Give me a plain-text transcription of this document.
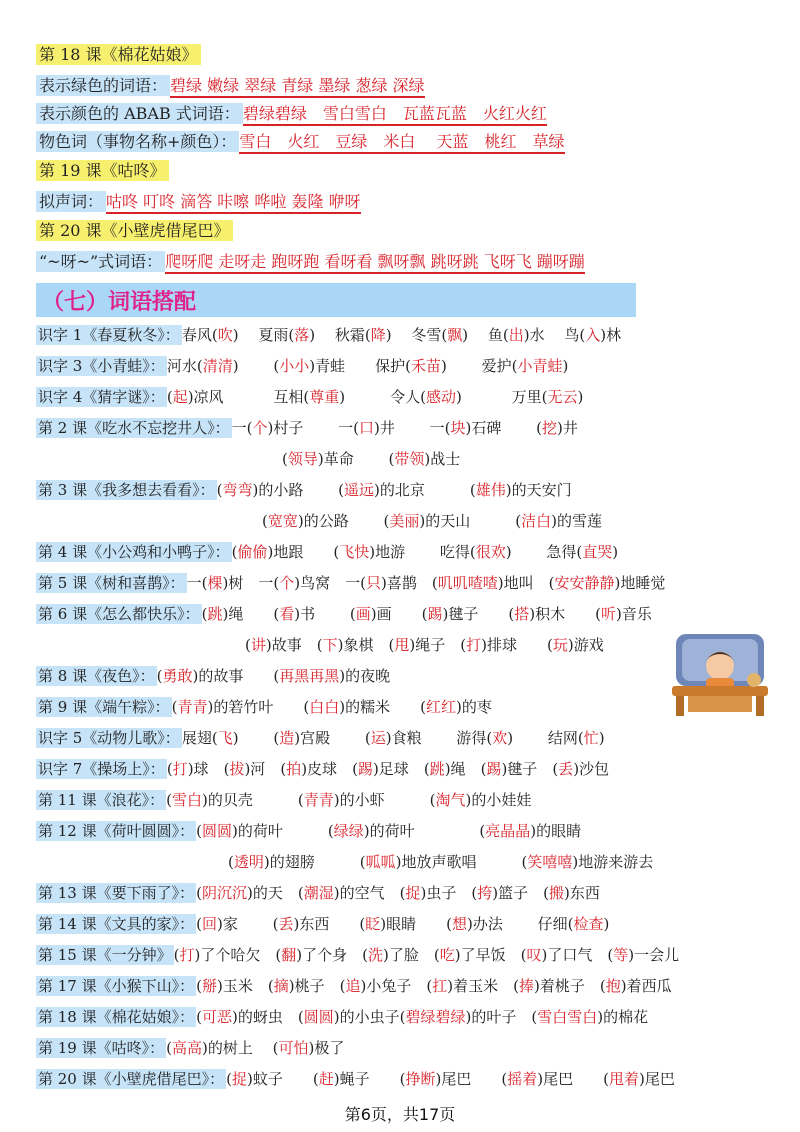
第 18 课《棉花姑娘》
表示绿色的词语： 碧绿 嫩绿 翠绿 青绿 墨绿 葱绿 深绿
表示颜色的 ABAB 式词语： 碧绿碧绿　雪白雪白　瓦蓝瓦蓝　火红火红
物色词（事物名称+颜色）： 雪白　火红　豆绿　米白　 天蓝　桃红　草绿
第 19 课《咕咚》
拟声词： 咕咚 叮咚 滴答 咔嚓 哗啦 轰隆 咿呀
第 20 课《小壁虎借尾巴》
“~呀~”式词语： 爬呀爬 走呀走 跑呀跑 看呀看 飘呀飘 跳呀跳 飞呀飞 蹦呀蹦
（七）词语搭配
识字 1《春夏秋冬》： 春风(吹)　 夏雨(落)　 秋霜(降)　 冬雪(飘)　 鱼(出)水　 鸟(入)林
识字 3《小青蛙》： 河水(清清)　　 (小小)青蛙　　保护(禾苗)　　 爱护(小青蛙)
识字 4《猜字谜》： (起)凉风　　　 互相(尊重)　　　令人(感动)　　　 万里(无云)
第 2 课《吃水不忘挖井人》： 一(个)村子　　 一(口)井　　 一(块)石碑　　 (挖)井
(领导)革命　　 (带领)战士
第 3 课《我多想去看看》： (弯弯)的小路　　 (遥远)的北京　　　(雄伟)的天安门
(宽宽)的公路　　 (美丽)的天山　　　(洁白)的雪莲
第 4 课《小公鸡和小鸭子》： (偷偷)地跟　　(飞快)地游　　 吃得(很欢)　　 急得(直哭)
第 5 课《树和喜鹊》： 一(棵)树　一(个)鸟窝　一(只)喜鹊　(叽叽喳喳)地叫　(安安静静)地睡觉
第 6 课《怎么都快乐》： (跳)绳　　(看)书　　 (画)画　　(踢)毽子　　(搭)积木　　(听)音乐
(讲)故事　(下)象棋　(甩)绳子　(打)排球　　(玩)游戏
第 8 课《夜色》： (勇敢)的故事　　(再黑再黑)的夜晚
第 9 课《端午粽》： (青青)的箬竹叶　　(白白)的糯米　　(红红)的枣
识字 5《动物儿歌》： 展翅(飞)　　 (造)宫殿　　 (运)食粮　　 游得(欢)　　 结网(忙)
识字 7《操场上》： (打)球　(拔)河　(拍)皮球　(踢)足球　(跳)绳　(踢)毽子　(丢)沙包
第 11 课《浪花》： (雪白)的贝壳　　　(青青)的小虾　　　(淘气)的小娃娃
第 12 课《荷叶圆圆》： (圆圆)的荷叶　　　(绿绿)的荷叶　　　　 (亮晶晶)的眼睛
(透明)的翅膀　　　(呱呱)地放声歌唱　　　(笑嘻嘻)地游来游去
第 13 课《要下雨了》： (阴沉沉)的天　(潮湿)的空气　(捉)虫子　(挎)篮子　(搬)东西
第 14 课《文具的家》： (回)家　　 (丢)东西　　(眨)眼睛　　(想)办法　　 仔细(检查)
第 15 课《一分钟》 (打)了个哈欠　(翻)了个身　(洗)了脸　(吃)了早饭　(叹)了口气　(等)一会儿
第 17 课《小猴下山》： (掰)玉米　(摘)桃子　(追)小兔子　(扛)着玉米　(捧)着桃子　(抱)着西瓜
第 18 课《棉花姑娘》： (可恶)的蚜虫　(圆圆)的小虫子(碧绿碧绿)的叶子　(雪白雪白)的棉花
第 19 课《咕咚》： (高高)的树上　 (可怕)极了
第 20 课《小壁虎借尾巴》： (捉)蚊子　　(赶)蝇子　　(挣断)尾巴　　(摇着)尾巴　　(甩着)尾巴
第6页，共17页
